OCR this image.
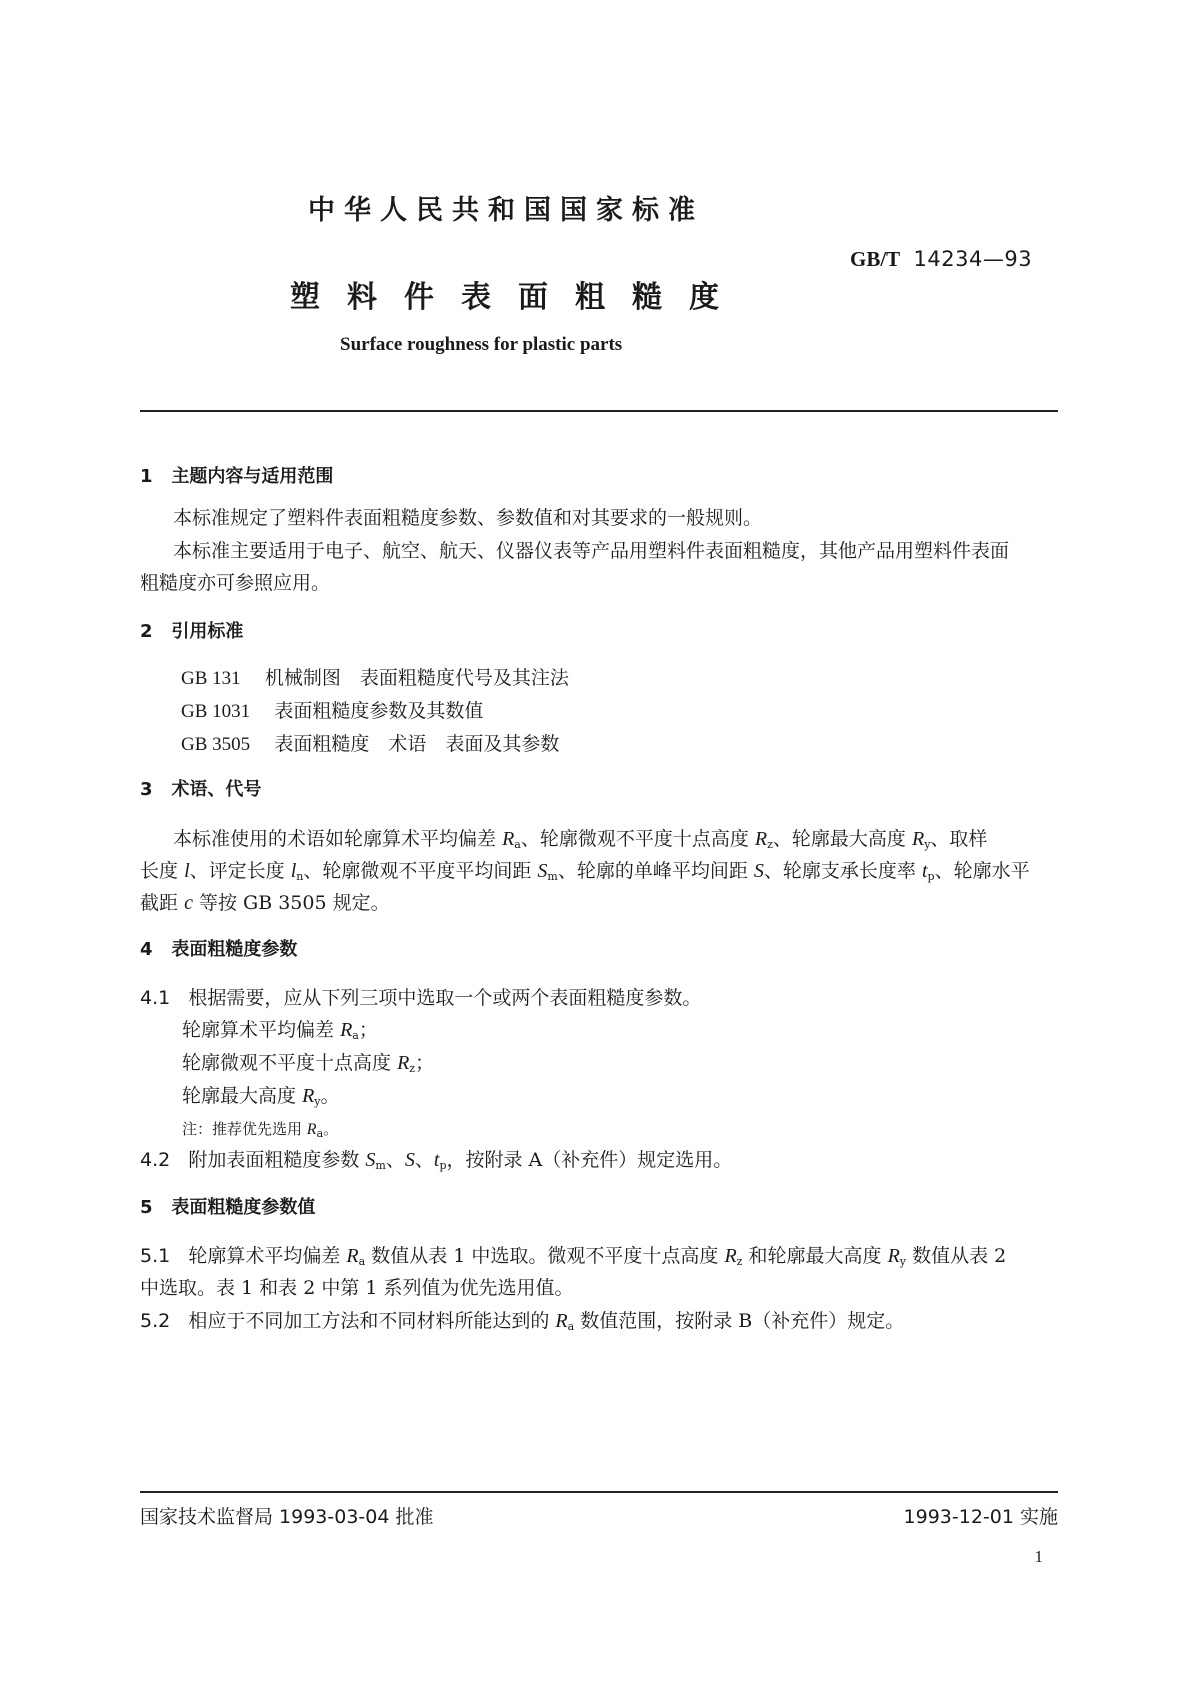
中华人民共和国国家标准
GB/T 14234—93
塑料件表面粗糙度
Surface roughness for plastic parts
1 主题内容与适用范围
本标准规定了塑料件表面粗糙度参数、参数值和对其要求的一般规则。
本标准主要适用于电子、航空、航天、仪器仪表等产品用塑料件表面粗糙度，其他产品用塑料件表面
粗糙度亦可参照应用。
2 引用标准
GB 131 机械制图　表面粗糙度代号及其注法
GB 1031 表面粗糙度参数及其数值
GB 3505 表面粗糙度　术语　表面及其参数
3 术语、代号
本标准使用的术语如轮廓算术平均偏差 $R_a$、轮廓微观不平度十点高度 $R_z$、轮廓最大高度 $R_y$、取样
长度 l、评定长度 $l_n$、轮廓微观不平度平均间距 $S_m$、轮廓的单峰平均间距 S、轮廓支承长度率 $t_p$、轮廓水平
截距 c 等按 GB 3505 规定。
4 表面粗糙度参数
4.1 根据需要，应从下列三项中选取一个或两个表面粗糙度参数。
轮廓算术平均偏差 $R_a$；
轮廓微观不平度十点高度 $R_z$；
轮廓最大高度 $R_y$。
注：推荐优先选用 $R_a$。
4.2 附加表面粗糙度参数 $S_m$、S、$t_p$，按附录 A（补充件）规定选用。
5 表面粗糙度参数值
5.1 轮廓算术平均偏差 $R_a$ 数值从表 1 中选取。微观不平度十点高度 $R_z$ 和轮廓最大高度 $R_y$ 数值从表 2
中选取。表 1 和表 2 中第 1 系列值为优先选用值。
5.2 相应于不同加工方法和不同材料所能达到的 $R_a$ 数值范围，按附录 B（补充件）规定。
国家技术监督局 1993-03-04 批准	1993-12-01 实施
1
